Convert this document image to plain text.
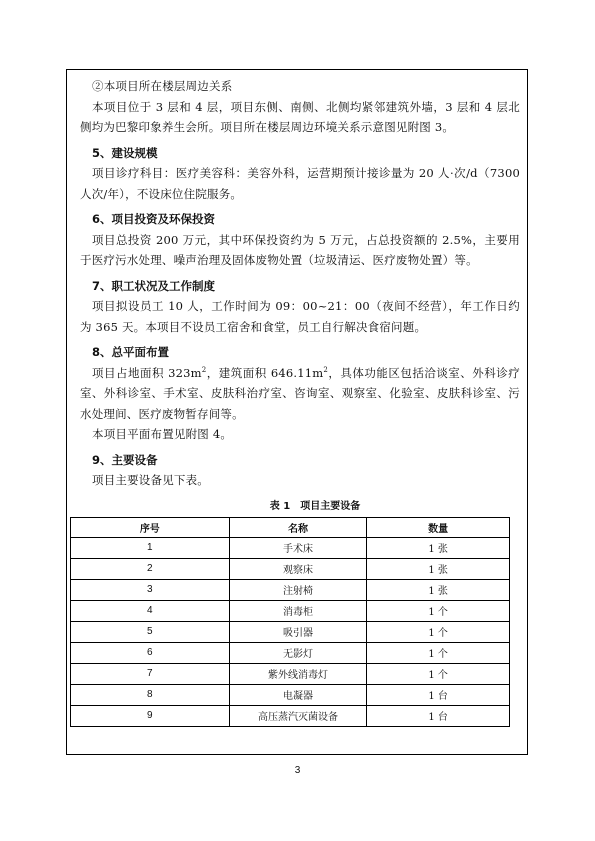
②本项目所在楼层周边关系

本项目位于 3 层和 4 层，项目东侧、南侧、北侧均紧邻建筑外墙，3 层和 4 层北侧均为巴黎印象养生会所。项目所在楼层周边环境关系示意图见附图 3。

5、建设规模

项目诊疗科目：医疗美容科：美容外科，运营期预计接诊量为 20 人·次/d（7300 人次/年），不设床位住院服务。

6、项目投资及环保投资

项目总投资 200 万元，其中环保投资约为 5 万元，占总投资额的 2.5%，主要用于医疗污水处理、噪声治理及固体废物处置（垃圾清运、医疗废物处置）等。

7、职工状况及工作制度

项目拟设员工 10 人，工作时间为 09：00~21：00（夜间不经营），年工作日约为 365 天。本项目不设员工宿舍和食堂，员工自行解决食宿问题。

8、总平面布置

项目占地面积 $323m^2$，建筑面积 $646.11m^2$，具体功能区包括洽谈室、外科诊疗室、外科诊室、手术室、皮肤科治疗室、咨询室、观察室、化验室、皮肤科诊室、污水处理间、医疗废物暂存间等。

本项目平面布置见附图 4。

9、主要设备

项目主要设备见下表。

表 1　项目主要设备
序号	名称	数量
1	手术床	1 张
2	观察床	1 张
3	注射椅	1 张
4	消毒柜	1 个
5	吸引器	1 个
6	无影灯	1 个
7	紫外线消毒灯	1 个
8	电凝器	1 台
9	高压蒸汽灭菌设备	1 台
3
